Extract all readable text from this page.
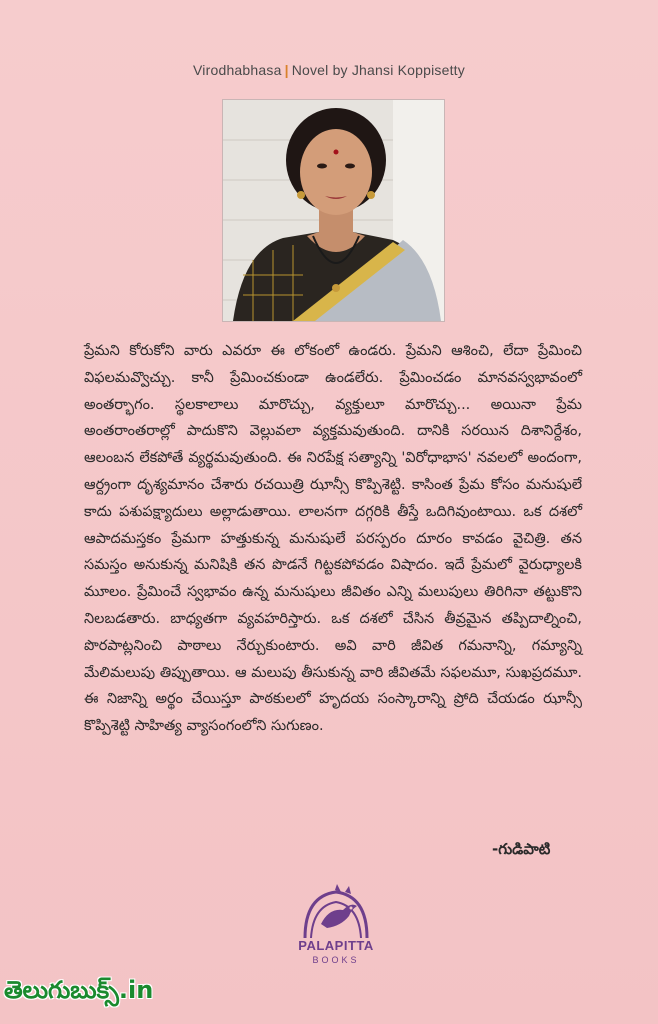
Virodhabhasa | Novel by Jhansi Koppisetty
ప్రేమని కోరుకోని వారు ఎవరూ ఈ లోకంలో ఉండరు. ప్రేమని ఆశించి, లేదా ప్రేమించి విఫలమవ్వొచ్చు. కానీ ప్రేమించకుండా ఉండలేరు. ప్రేమించడం మానవస్వభావంలో అంతర్భాగం. స్థలకాలాలు మారొచ్చు, వ్యక్తులూ మారొచ్చు... అయినా ప్రేమ అంతరాంతరాల్లో పాదుకొని వెల్లువలా వ్యక్తమవుతుంది. దానికి సరయిన దిశానిర్దేశం, ఆలంబన లేకపోతే వ్యర్థమవుతుంది. ఈ నిరపేక్ష సత్యాన్ని 'విరోధాభాస' నవలలో అందంగా, ఆర్ద్రంగా దృశ్యమానం చేశారు రచయిత్రి ఝాన్సీ కొప్పిశెట్టి. కాసింత ప్రేమ కోసం మనుషులే కాదు పశుపక్ష్యాదులు అల్లాడుతాయి. లాలనగా దగ్గరికి తీస్తే ఒదిగివుంటాయి. ఒక దశలో ఆపాదమస్తకం ప్రేమగా హత్తుకున్న మనుషులే పరస్పరం దూరం కావడం వైచిత్రి. తన సమస్తం అనుకున్న మనిషికి తన పొడనే గిట్టకపోవడం విషాదం. ఇదే ప్రేమలో వైరుధ్యాలకి మూలం. ప్రేమించే స్వభావం ఉన్న మనుషులు జీవితం ఎన్ని మలుపులు తిరిగినా తట్టుకొని నిలబడతారు. బాధ్యతగా వ్యవహరిస్తారు. ఒక దశలో చేసిన తీవ్రమైన తప్పిదాల్నించి, పొరపాట్లనించి పాఠాలు నేర్చుకుంటారు. అవి వారి జీవిత గమనాన్ని, గమ్యాన్ని మేలిమలుపు తిప్పుతాయి. ఆ మలుపు తీసుకున్న వారి జీవితమే సఫలమూ, సుఖప్రదమూ. ఈ నిజాన్ని అర్థం చేయిస్తూ పాఠకులలో హృదయ సంస్కారాన్ని ప్రోది చేయడం ఝాన్సీ కొప్పిశెట్టి సాహిత్య వ్యాసంగంలోని సుగుణం.
-గుడిపాటి
PALAPITTA
BOOKS
తెలుగుబుక్స్.in
